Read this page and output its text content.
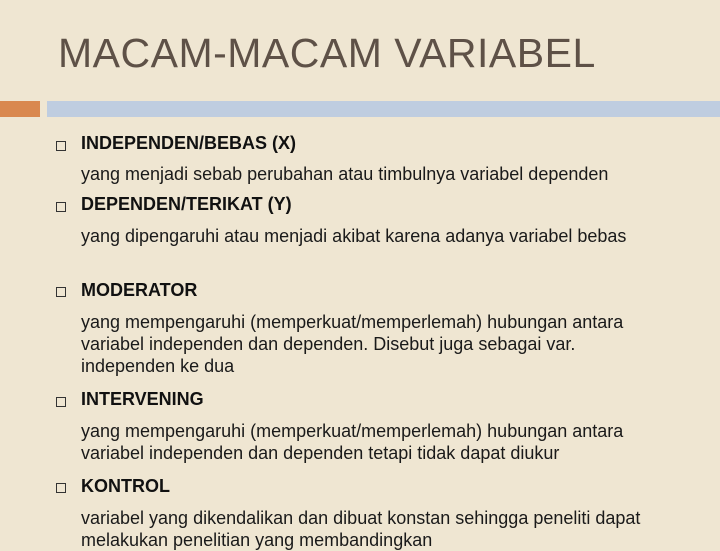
MACAM-MACAM VARIABEL
INDEPENDEN/BEBAS (X)
yang menjadi sebab perubahan atau timbulnya variabel dependen
DEPENDEN/TERIKAT (Y)
yang dipengaruhi atau menjadi akibat karena adanya variabel bebas
MODERATOR
yang mempengaruhi (memperkuat/memperlemah) hubungan antara variabel independen dan dependen. Disebut juga sebagai var. independen ke dua
INTERVENING
yang mempengaruhi (memperkuat/memperlemah) hubungan antara variabel independen dan dependen tetapi tidak dapat diukur
KONTROL
variabel yang dikendalikan dan dibuat konstan sehingga peneliti dapat melakukan penelitian yang membandingkan
